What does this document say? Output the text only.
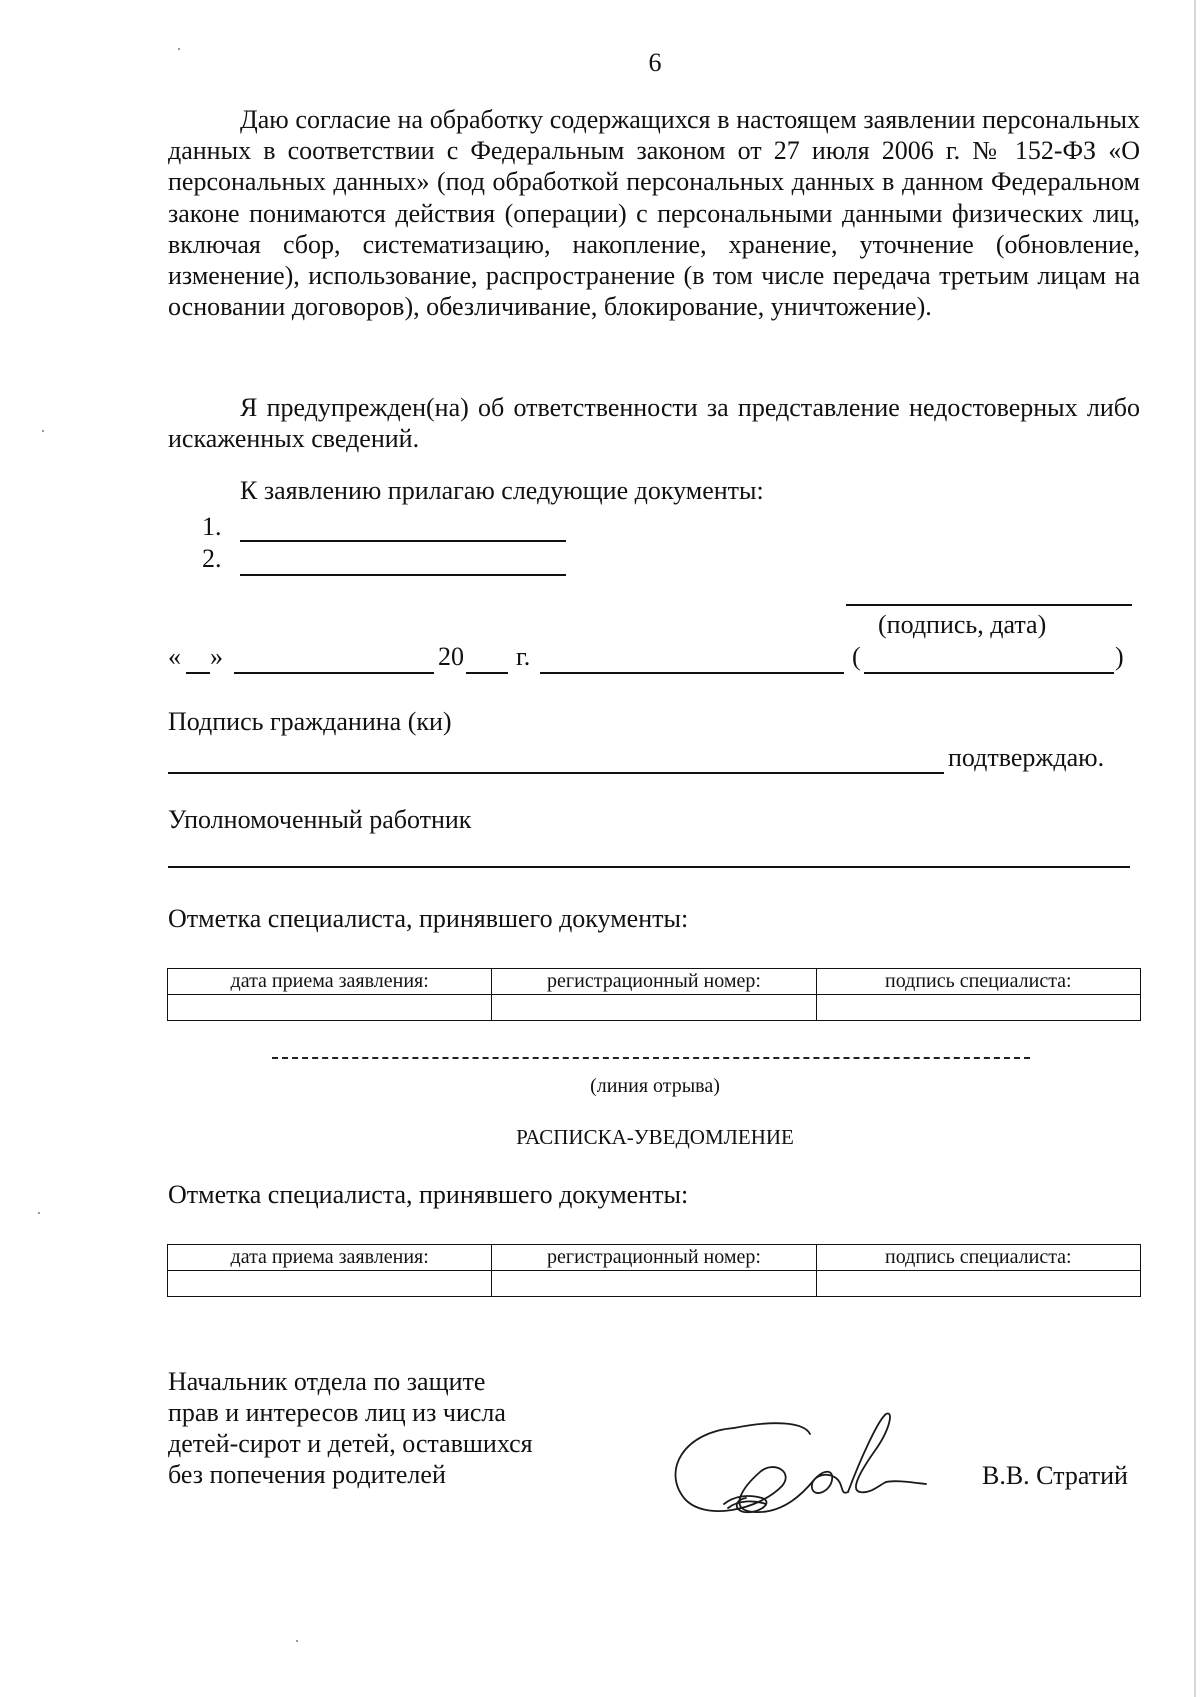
6

Даю согласие на обработку содержащихся в настоящем заявлении персональных данных в соответствии с Федеральным законом от 27 июля 2006 г. № 152-ФЗ «О персональных данных» (под обработкой персональных данных в данном Федеральном законе понимаются действия (операции) с персональными данными физических лиц, включая сбор, систематизацию, накопление, хранение, уточнение (обновление, изменение), использование, распространение (в том числе передача третьим лицам на основании договоров), обезличивание, блокирование, уничтожение).

Я предупрежден(на) об ответственности за представление недостоверных либо искаженных сведений.

К заявлению прилагаю следующие документы:
1.
2.
(подпись, дата)
« »	20 г.	(	)
Подпись гражданина (ки)
подтверждаю.
Уполномоченный работник
Отметка специалиста, принявшего документы:
дата приема заявления:	регистрационный номер:	подпись специалиста:

(линия отрыва)
РАСПИСКА-УВЕДОМЛЕНИЕ
Отметка специалиста, принявшего документы:
дата приема заявления:	регистрационный номер:	подпись специалиста:

Начальник отдела по защите
прав и интересов лиц из числа
детей-сирот и детей, оставшихся
без попечения родителей	В.В. Стратий
